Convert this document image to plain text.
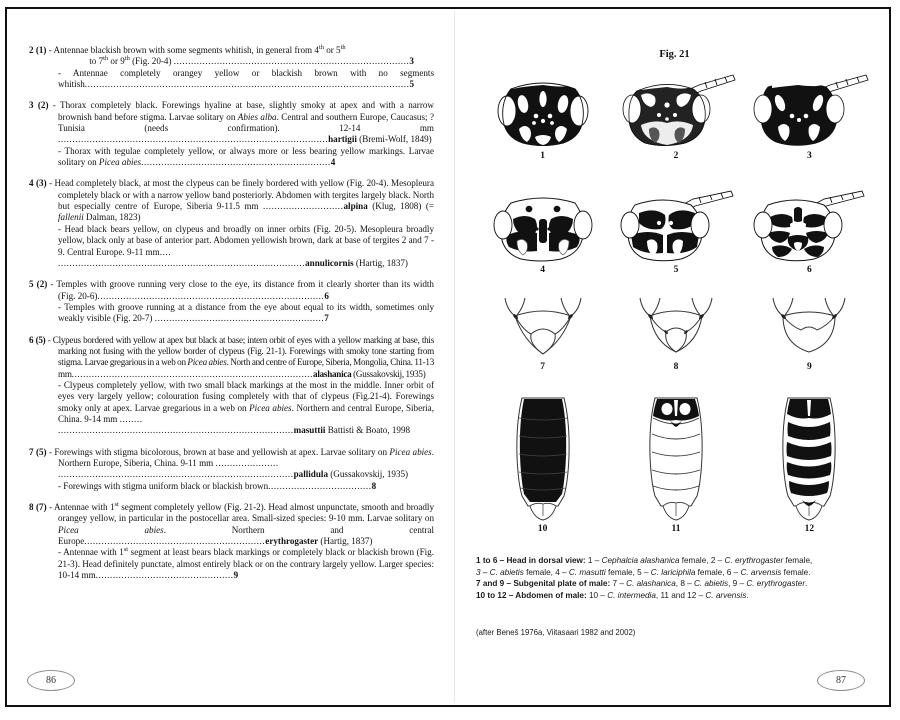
2 (1) - Antennae blackish brown with some segments whitish, in general from 4th or 5th
to 7th or 9th (Fig. 20-4) ..................................................................................3

- Antennae completely orangey yellow or blackish brown with no segments whitish.................................................................................................................5

3 (2) - Thorax completely black. Forewings hyaline at base, slightly smoky at apex and with a narrow brownish band before stigma. Larvae solitary on Abies alba. Central and southern Europe, Caucasus; ? Tunisia (needs confirmation). 12-14 mm ..............................................................................................hartigii (Bremi-Wolf, 1849)

- Thorax with tegulae completely yellow, or always more or less bearing yellow markings. Larvae solitary on Picea abies..................................................................4

4 (3) - Head completely black, at most the clypeus can be finely bordered with yellow (Fig. 20-4). Mesopleura completely black or with a narrow yellow band posteriorly. Abdomen with tergites largely black. North but especially centre of Europe, Siberia 9-11.5 mm ............................alpina (Klug, 1808) (= fallenii Dalman, 1823)

- Head black bears yellow, on clypeus and broadly on inner orbits (Fig. 20-5). Mesopleura broadly yellow, black only at base of anterior part. Abdomen yellowish brown, dark at base of tergites 2 and 7 - 9. Central Europe. 9-11 mm....
......................................................................................annulicornis (Hartig, 1837)

5 (2) - Temples with groove running very close to the eye, its distance from it clearly shorter than its width (Fig. 20-6)...............................................................................6

- Temples with groove running at a distance from the eye about equal to its width, sometimes only weakly visible (Fig. 20-7) ...........................................................7

6 (5) - Clypeus bordered with yellow at apex but black at base; intern orbit of eyes with a yellow marking at base, this marking not fusing with the yellow border of clypeus (Fig. 21-1). Forewings with smoky tone starting from stigma. Larvae gregarious in a web on Picea abies. North and centre of Europe, Siberia, Mongolia, China. 11-13 mm....................................................................................alashanica (Gussakovskij, 1935)

- Clypeus completely yellow, with two small black markings at the most in the middle. Inner orbit of eyes very largely yellow; colouration fusing completely with that of clypeus (Fig.21-4). Forewings smoky only at apex. Larvae gregarious in a web on Picea abies. Northern and central Europe, Siberia, China. 9-14 mm ........
..................................................................................masuttii Battisti & Boato, 1998

7 (5) - Forewings with stigma bicolorous, brown at base and yellowish at apex. Larvae solitary on Picea abies. Northern Europe, Siberia, China. 9-11 mm ......................
..................................................................................pallidula (Gussakovskij, 1935)

- Forewings with stigma uniform black or blackish brown....................................8

8 (7) - Antennae with 1st segment completely yellow (Fig. 21-2). Head almost unpunctate, smooth and broadly orangey yellow, in particular in the postocellar area. Small-sized species: 9-10 mm. Larvae solitary on Picea abies. Northern and central Europe...............................................................erythrogaster (Hartig, 1837)

- Antennae with 1st segment at least bears black markings or completely black or blackish brown (Fig. 21-3). Head definitely punctate, almost entirely black or on the contrary largely yellow. Larger species: 10-14 mm................................................9

86
Fig. 21
1	2	3
4	5	6
7	8	9
10	11	12
1 to 6 – Head in dorsal view: 1 – Cephalcia alashanica female, 2 – C. erythrogaster female,
3 – C. abietis female, 4 – C. masutti female, 5 – C. lariciphila female, 6 – C. arvensis female.
7 and 9 – Subgenital plate of male: 7 – C. alashanica, 8 – C. abietis, 9 – C. erythrogaster.
10 to 12 – Abdomen of male: 10 – C. intermedia, 11 and 12 – C. arvensis.
(after Beneš 1976a, Viitasaari 1982 and 2002)
87
